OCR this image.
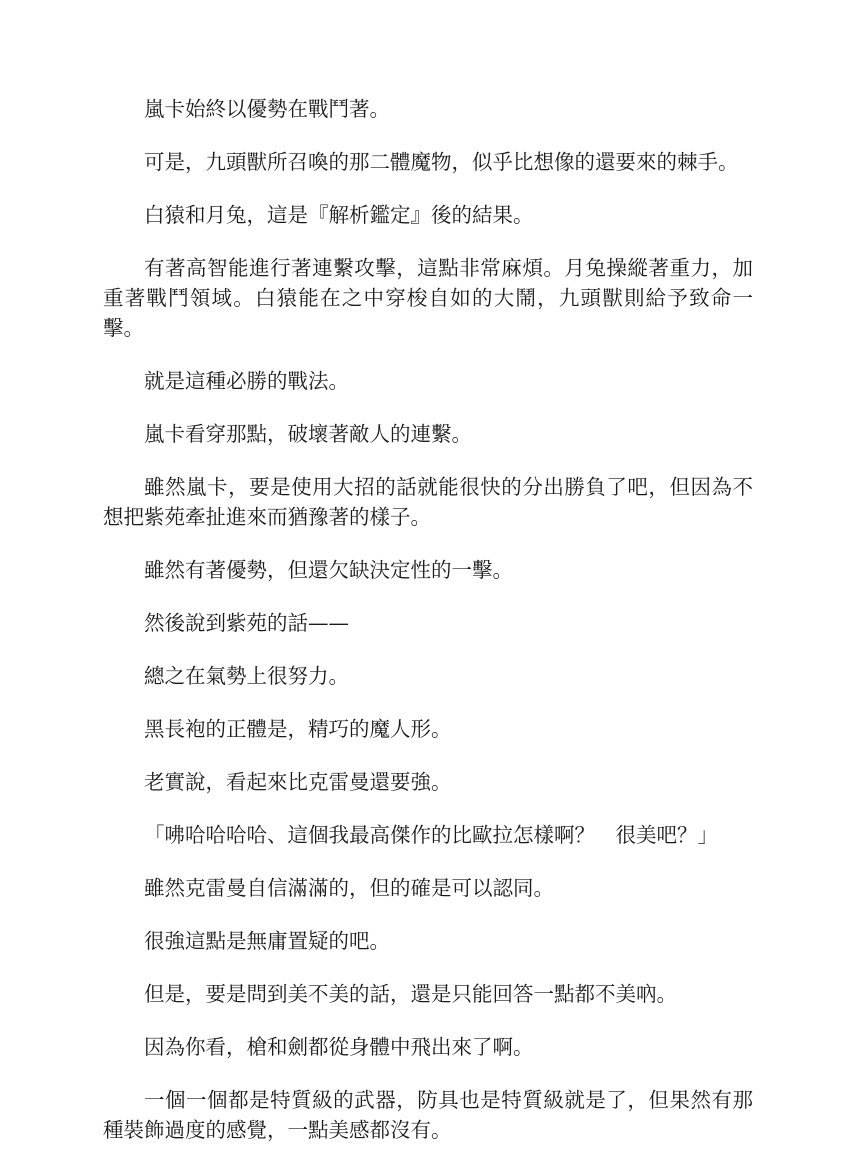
嵐卡始終以優勢在戰鬥著。

可是，九頭獸所召喚的那二體魔物，似乎比想像的還要來的棘手。

白猿和月兔，這是『解析鑑定』後的結果。

有著高智能進行著連繫攻擊，這點非常麻煩。月兔操縱著重力，加重著戰鬥領域。白猿能在之中穿梭自如的大鬧，九頭獸則給予致命一擊。

就是這種必勝的戰法。

嵐卡看穿那點，破壞著敵人的連繫。

雖然嵐卡，要是使用大招的話就能很快的分出勝負了吧，但因為不想把紫苑牽扯進來而猶豫著的樣子。

雖然有著優勢，但還欠缺決定性的一擊。

然後說到紫苑的話——

總之在氣勢上很努力。

黑長袍的正體是，精巧的魔人形。

老實說，看起來比克雷曼還要強。

「咈哈哈哈哈、這個我最高傑作的比歐拉怎樣啊？　很美吧？」

雖然克雷曼自信滿滿的，但的確是可以認同。

很強這點是無庸置疑的吧。

但是，要是問到美不美的話，還是只能回答一點都不美吶。

因為你看，槍和劍都從身體中飛出來了啊。

一個一個都是特質級的武器，防具也是特質級就是了，但果然有那種裝飾過度的感覺，一點美感都沒有。
